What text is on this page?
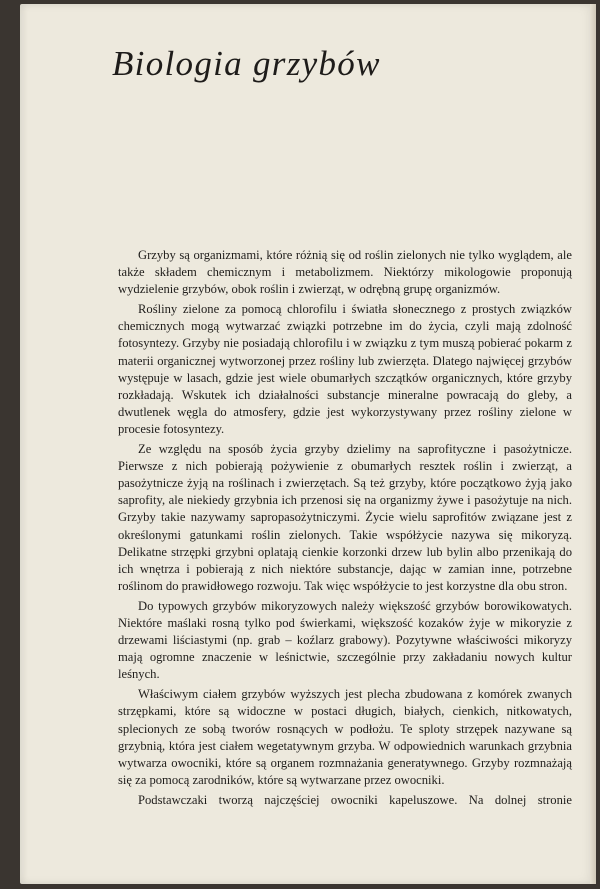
Biologia grzybów

Grzyby są organizmami, które różnią się od roślin zielonych nie tylko wyglądem, ale także składem chemicznym i metabolizmem. Niektórzy mikologowie proponują wydzielenie grzybów, obok roślin i zwierząt, w odrębną grupę organizmów.

Rośliny zielone za pomocą chlorofilu i światła słonecznego z prostych związków chemicznych mogą wytwarzać związki potrzebne im do życia, czyli mają zdolność fotosyntezy. Grzyby nie posiadają chlorofilu i w związku z tym muszą pobierać pokarm z materii organicznej wytworzonej przez rośliny lub zwierzęta. Dlatego najwięcej grzybów występuje w lasach, gdzie jest wiele obumarłych szczątków organicznych, które grzyby rozkładają. Wskutek ich działalności substancje mineralne powracają do gleby, a dwutlenek węgla do atmosfery, gdzie jest wykorzystywany przez rośliny zielone w procesie fotosyntezy.

Ze względu na sposób życia grzyby dzielimy na saprofityczne i pasożytnicze. Pierwsze z nich pobierają pożywienie z obumarłych resztek roślin i zwierząt, a pasożytnicze żyją na roślinach i zwierzętach. Są też grzyby, które początkowo żyją jako saprofity, ale niekiedy grzybnia ich przenosi się na organizmy żywe i pasożytuje na nich. Grzyby takie nazywamy sapropasożytniczymi. Życie wielu saprofitów związane jest z określonymi gatunkami roślin zielonych. Takie współżycie nazywa się mikoryzą. Delikatne strzępki grzybni oplatają cienkie korzonki drzew lub bylin albo przenikają do ich wnętrza i pobierają z nich niektóre substancje, dając w zamian inne, potrzebne roślinom do prawidłowego rozwoju. Tak więc współżycie to jest korzystne dla obu stron.

Do typowych grzybów mikoryzowych należy większość grzybów borowikowatych. Niektóre maślaki rosną tylko pod świerkami, większość kozaków żyje w mikoryzie z drzewami liściastymi (np. grab – koźlarz grabowy). Pozytywne właściwości mikoryzy mają ogromne znaczenie w leśnictwie, szczególnie przy zakładaniu nowych kultur leśnych.

Właściwym ciałem grzybów wyższych jest plecha zbudowana z komórek zwanych strzępkami, które są widoczne w postaci długich, białych, cienkich, nitkowatych, splecionych ze sobą tworów rosnących w podłożu. Te sploty strzępek nazywane są grzybnią, która jest ciałem wegetatywnym grzyba. W odpowiednich warunkach grzybnia wytwarza owocniki, które są organem rozmnażania generatywnego. Grzyby rozmnażają się za pomocą zarodników, które są wytwarzane przez owocniki.

Podstawczaki tworzą najczęściej owocniki kapeluszowe. Na dolnej stronie
